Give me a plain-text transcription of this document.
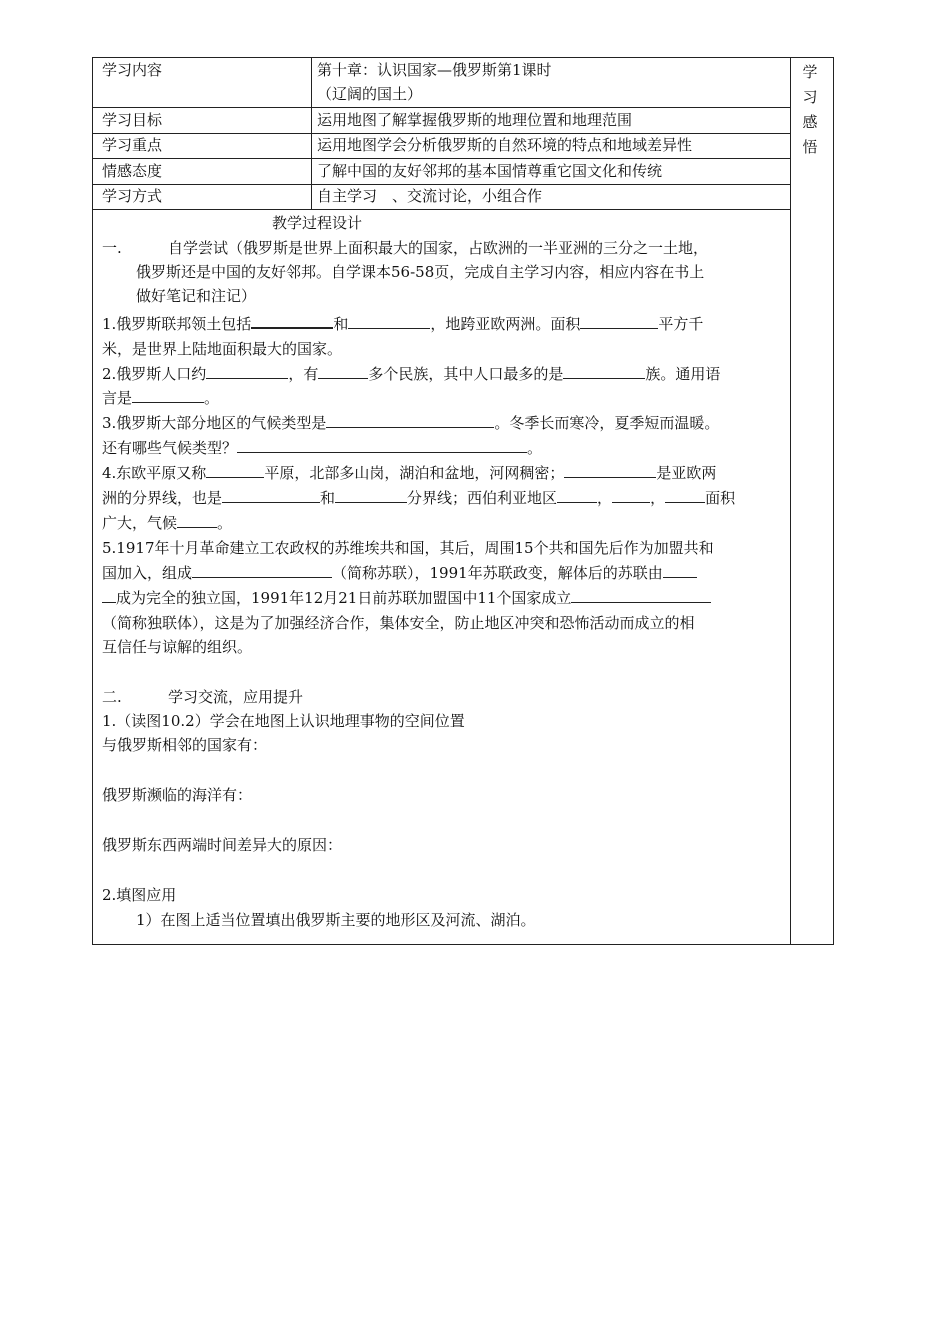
学习内容	第十章：认识国家—俄罗斯第1课时
（辽阔的国土）
学习目标	运用地图了解掌握俄罗斯的地理位置和地理范围
学习重点	运用地图学会分析俄罗斯的自然环境的特点和地域差异性
情感态度	了解中国的友好邻邦的基本国情尊重它国文化和传统
学习方式	自主学习　、交流讨论，小组合作
学
习
感
悟
教学过程设计
一.	自学尝试（俄罗斯是世界上面积最大的国家，占欧洲的一半亚洲的三分之一土地，
俄罗斯还是中国的友好邻邦。自学课本56-58页，完成自主学习内容，相应内容在书上
做好笔记和注记）
1.俄罗斯联邦领土包括	和	，地跨亚欧两洲。面积	平方千
米，是世界上陆地面积最大的国家。
2.俄罗斯人口约	，有	多个民族，其中人口最多的是	族。通用语
言是	。
3.俄罗斯大部分地区的气候类型是	。冬季长而寒冷，夏季短而温暖。
还有哪些气候类型？	。
4.东欧平原又称	平原，北部多山岗，湖泊和盆地，河网稠密；	是亚欧两
洲的分界线，也是	和	分界线；西伯利亚地区	，	，	面积
广大，气候	。
5.1917年十月革命建立工农政权的苏维埃共和国，其后，周围15个共和国先后作为加盟共和
国加入，组成	（简称苏联），1991年苏联政变，解体后的苏联由
成为完全的独立国，1991年12月21日前苏联加盟国中11个国家成立
（简称独联体），这是为了加强经济合作，集体安全，防止地区冲突和恐怖活动而成立的相
互信任与谅解的组织。
二.	学习交流，应用提升
1.（读图10.2）学会在地图上认识地理事物的空间位置
与俄罗斯相邻的国家有：
俄罗斯濒临的海洋有：
俄罗斯东西两端时间差异大的原因：
2.填图应用
1）在图上适当位置填出俄罗斯主要的地形区及河流、湖泊。
